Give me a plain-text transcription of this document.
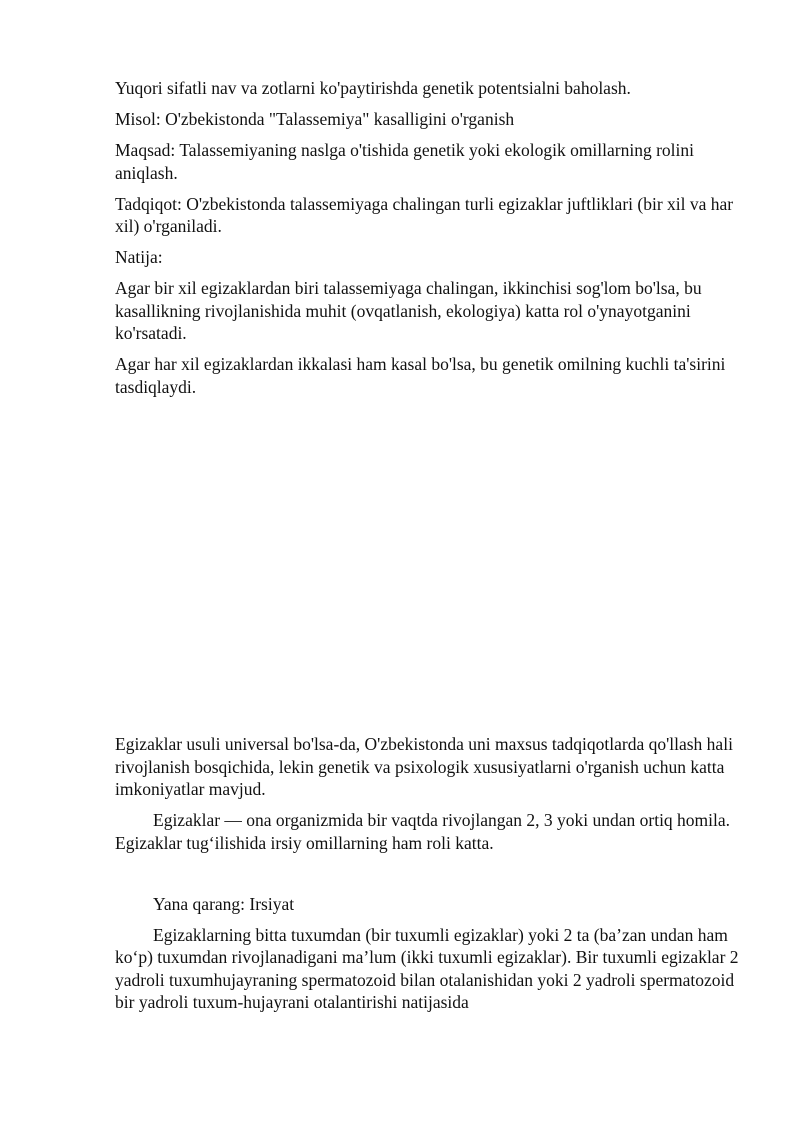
Yuqori sifatli nav va zotlarni ko'paytirishda genetik potentsialni baholash.

Misol: O'zbekistonda "Talassemiya" kasalligini o'rganish

Maqsad: Talassemiyaning naslga o'tishida genetik yoki ekologik omillarning rolini aniqlash.

Tadqiqot: O'zbekistonda talassemiyaga chalingan turli egizaklar juftliklari (bir xil va har xil) o'rganiladi.

Natija:

Agar bir xil egizaklardan biri talassemiyaga chalingan, ikkinchisi sog'lom bo'lsa, bu kasallikning rivojlanishida muhit (ovqatlanish, ekologiya) katta rol o'ynayotganini ko'rsatadi.

Agar har xil egizaklardan ikkalasi ham kasal bo'lsa, bu genetik omilning kuchli ta'sirini tasdiqlaydi.

Egizaklar usuli universal bo'lsa-da, O'zbekistonda uni maxsus tadqiqotlarda qo'llash hali rivojlanish bosqichida, lekin genetik va psixologik xususiyatlarni o'rganish uchun katta imkoniyatlar mavjud.

Egizaklar — ona organizmida bir vaqtda rivojlangan 2, 3 yoki undan ortiq homila. Egizaklar tug‘ilishida irsiy omillarning ham roli katta.

Yana qarang: Irsiyat

Egizaklarning bitta tuxumdan (bir tuxumli egizaklar) yoki 2 ta (baʼzan undan ham koʻp) tuxumdan rivojlanadigani maʼlum (ikki tuxumli egizaklar). Bir tuxumli egizaklar 2 yadroli tuxumhujayraning spermatozoid bilan otalanishidan yoki 2 yadroli spermatozoid bir yadroli tuxum-hujayrani otalantirishi natijasida
